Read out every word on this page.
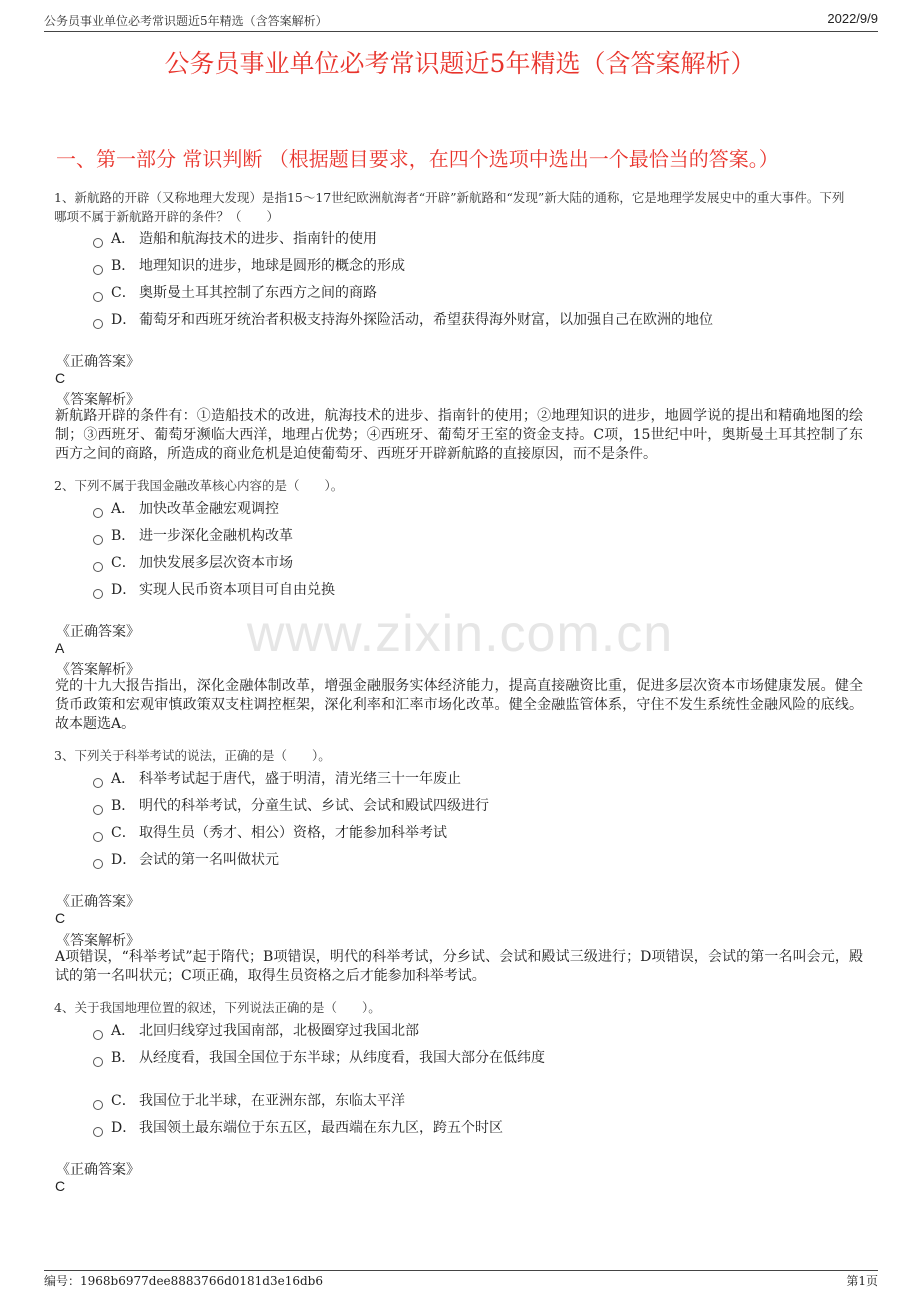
公务员事业单位必考常识题近5年精选（含答案解析）	2022/9/9
www.zixin.com.cn
公务员事业单位必考常识题近5年精选（含答案解析）
一、第一部分 常识判断 （根据题目要求，在四个选项中选出一个最恰当的答案。）
1、新航路的开辟（又称地理大发现）是指15～17世纪欧洲航海者“开辟”新航路和“发现”新大陆的通称，它是地理学发展史中的重大事件。下列
哪项不属于新航路开辟的条件？（　　）
A． 造船和航海技术的进步、指南针的使用
B． 地理知识的进步，地球是圆形的概念的形成
C． 奥斯曼土耳其控制了东西方之间的商路
D． 葡萄牙和西班牙统治者积极支持海外探险活动，希望获得海外财富，以加强自己在欧洲的地位
《正确答案》
C
《答案解析》
新航路开辟的条件有：①造船技术的改进，航海技术的进步、指南针的使用；②地理知识的进步，地圆学说的提出和精确地图的绘制；③西班牙、葡萄牙濒临大西洋，地理占优势；④西班牙、葡萄牙王室的资金支持。C项，15世纪中叶，奥斯曼土耳其控制了东西方之间的商路，所造成的商业危机是迫使葡萄牙、西班牙开辟新航路的直接原因，而不是条件。
2、下列不属于我国金融改革核心内容的是（　　）。
A． 加快改革金融宏观调控
B． 进一步深化金融机构改革
C． 加快发展多层次资本市场
D． 实现人民币资本项目可自由兑换
《正确答案》
A
《答案解析》
党的十九大报告指出，深化金融体制改革，增强金融服务实体经济能力，提高直接融资比重，促进多层次资本市场健康发展。健全货币政策和宏观审慎政策双支柱调控框架，深化利率和汇率市场化改革。健全金融监管体系，守住不发生系统性金融风险的底线。故本题选A。
3、下列关于科举考试的说法，正确的是（　　）。
A． 科举考试起于唐代，盛于明清，清光绪三十一年废止
B． 明代的科举考试，分童生试、乡试、会试和殿试四级进行
C． 取得生员（秀才、相公）资格，才能参加科举考试
D． 会试的第一名叫做状元
《正确答案》
C
《答案解析》
A项错误，“科举考试”起于隋代；B项错误，明代的科举考试，分乡试、会试和殿试三级进行；D项错误，会试的第一名叫会元，殿试的第一名叫状元；C项正确，取得生员资格之后才能参加科举考试。
4、关于我国地理位置的叙述，下列说法正确的是（　　）。
A． 北回归线穿过我国南部，北极圈穿过我国北部
B． 从经度看，我国全国位于东半球；从纬度看，我国大部分在低纬度
C． 我国位于北半球，在亚洲东部，东临太平洋
D． 我国领土最东端位于东五区，最西端在东九区，跨五个时区
《正确答案》
C
编号：1968b6977dee8883766d0181d3e16db6	第1页
